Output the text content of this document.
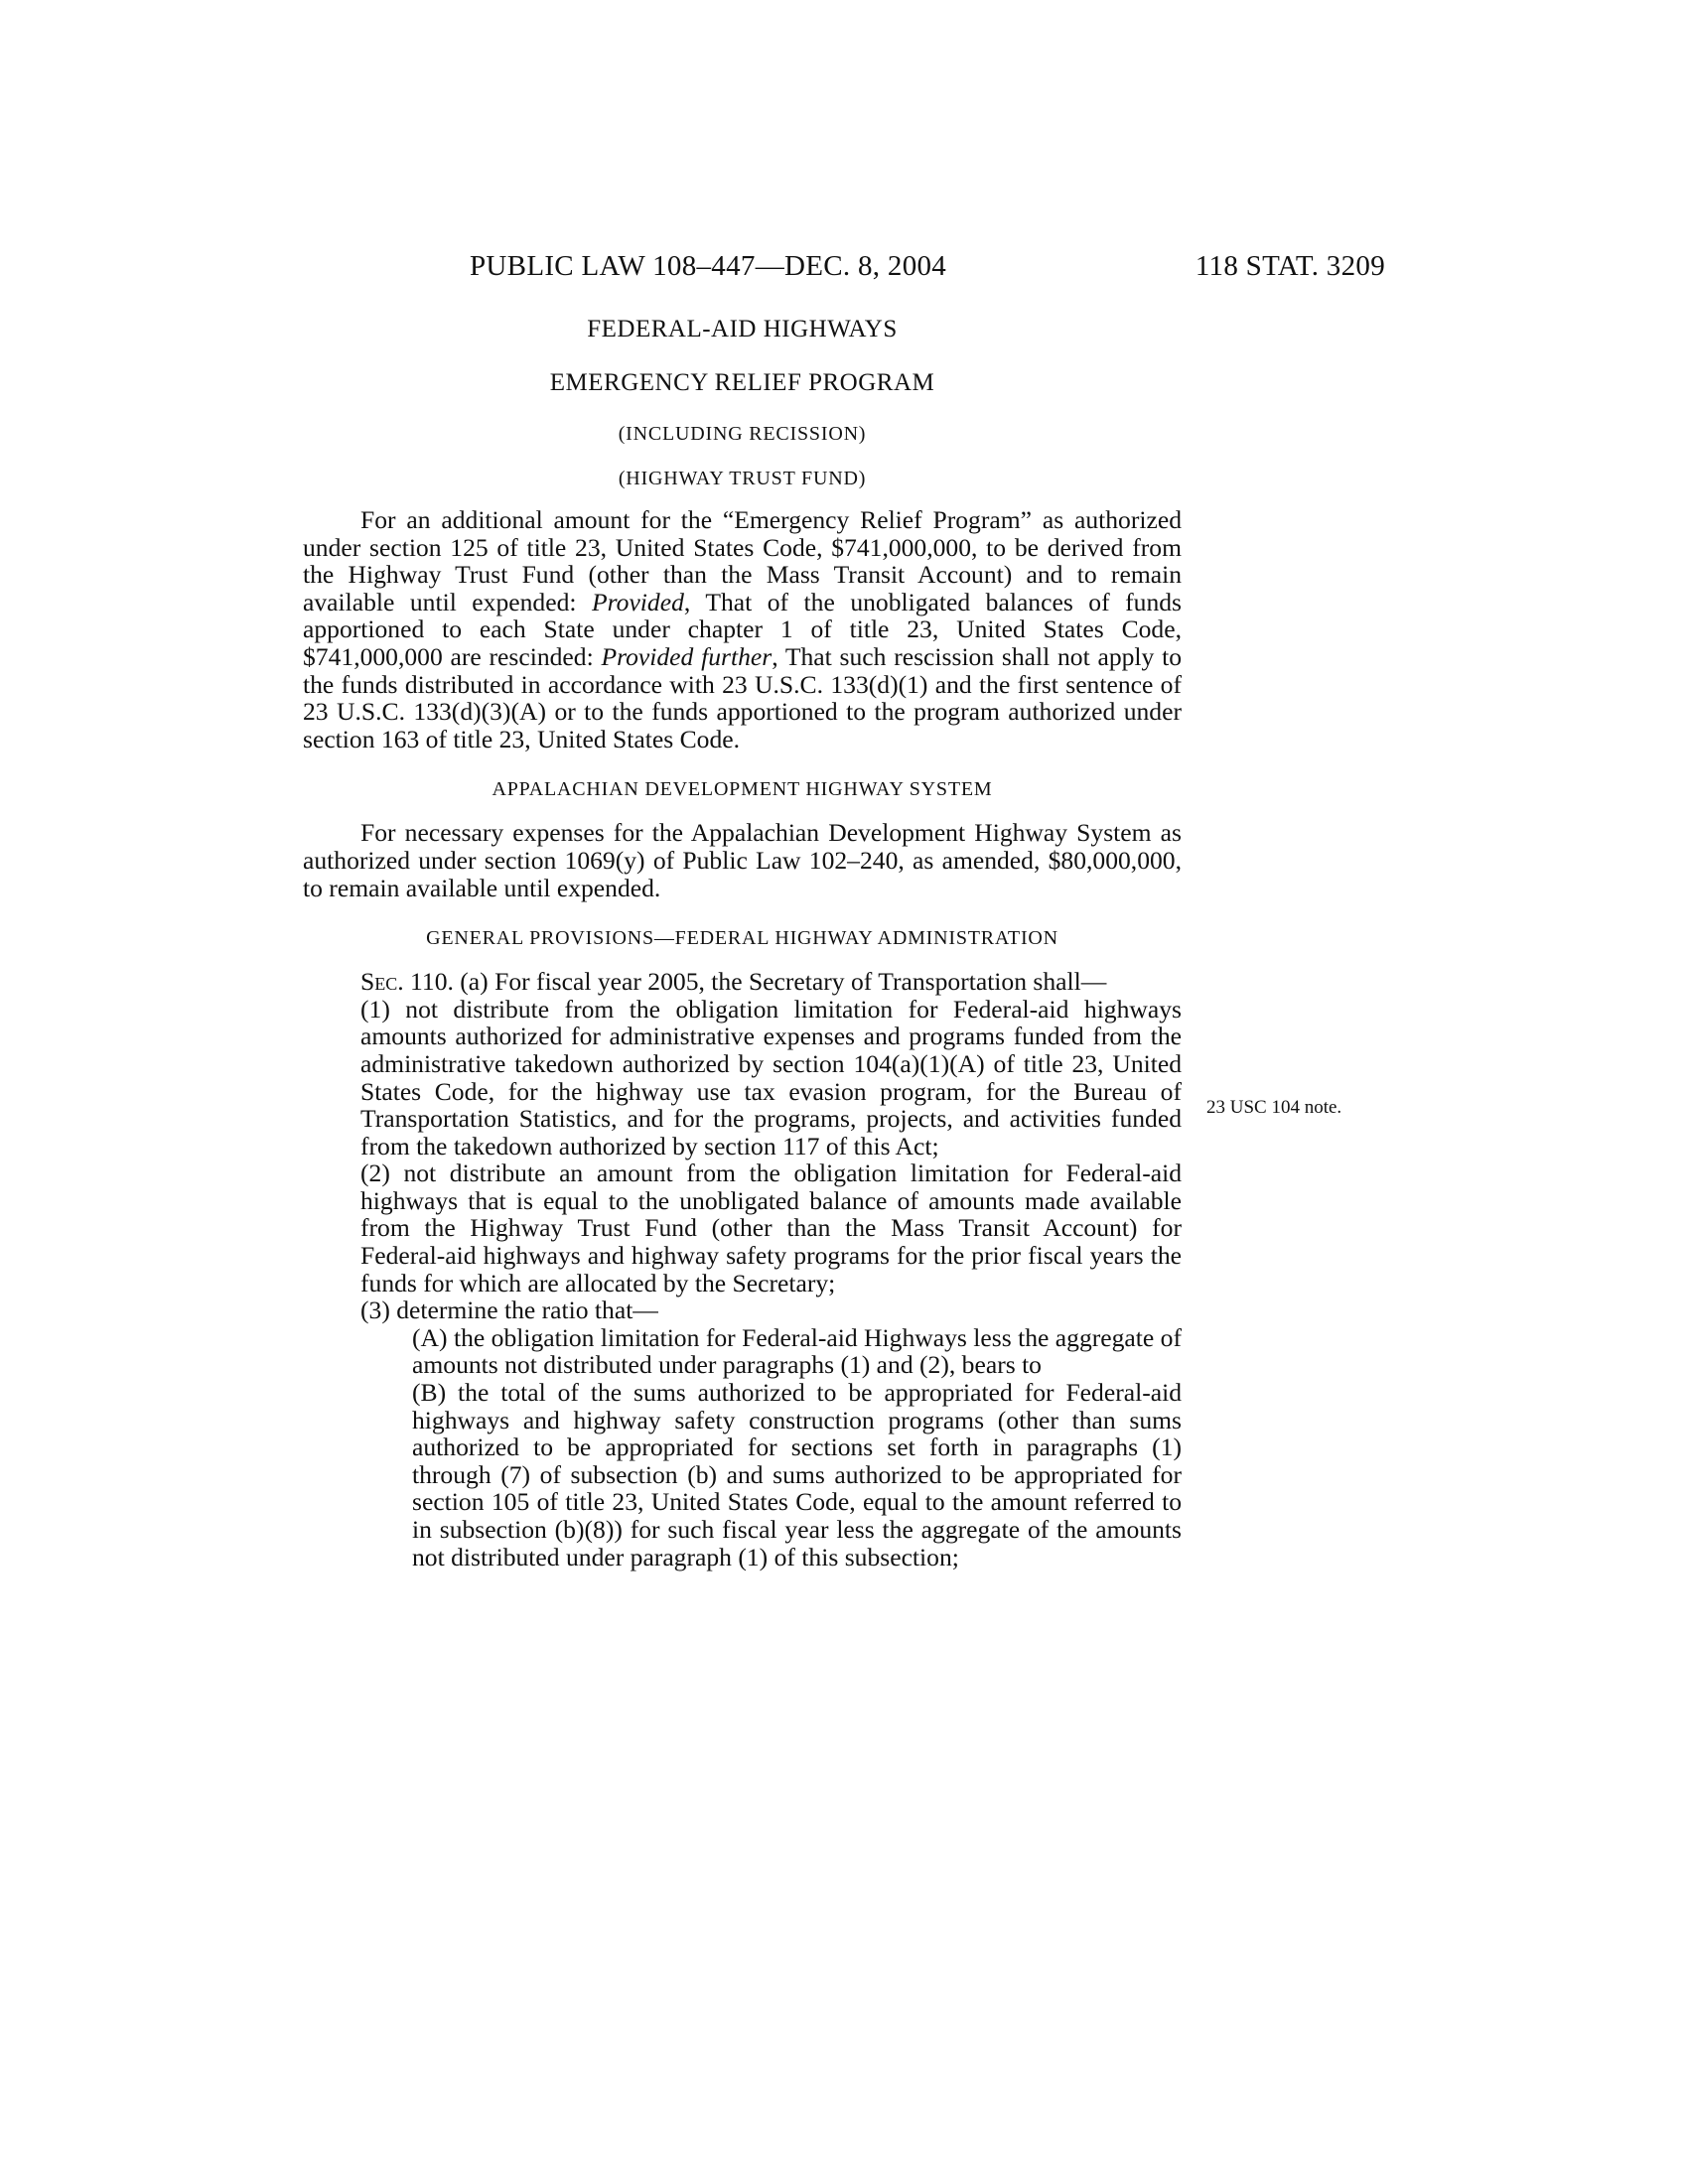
PUBLIC LAW 108–447—DEC. 8, 2004	118 STAT. 3209

FEDERAL-AID HIGHWAYS

EMERGENCY RELIEF PROGRAM

(INCLUDING RECISSION)

(HIGHWAY TRUST FUND)

For an additional amount for the “Emergency Relief Program” as authorized under section 125 of title 23, United States Code, $741,000,000, to be derived from the Highway Trust Fund (other than the Mass Transit Account) and to remain available until expended: Provided, That of the unobligated balances of funds apportioned to each State under chapter 1 of title 23, United States Code, $741,000,000 are rescinded: Provided further, That such rescission shall not apply to the funds distributed in accordance with 23 U.S.C. 133(d)(1) and the first sentence of 23 U.S.C. 133(d)(3)(A) or to the funds apportioned to the program authorized under section 163 of title 23, United States Code.

APPALACHIAN DEVELOPMENT HIGHWAY SYSTEM

For necessary expenses for the Appalachian Development Highway System as authorized under section 1069(y) of Public Law 102–240, as amended, $80,000,000, to remain available until expended.

GENERAL PROVISIONS—FEDERAL HIGHWAY ADMINISTRATION

Sec. 110. (a) For fiscal year 2005, the Secretary of Transportation shall—

(1) not distribute from the obligation limitation for Federal-aid highways amounts authorized for administrative expenses and programs funded from the administrative takedown authorized by section 104(a)(1)(A) of title 23, United States Code, for the highway use tax evasion program, for the Bureau of Transportation Statistics, and for the programs, projects, and activities funded from the takedown authorized by section 117 of this Act;

(2) not distribute an amount from the obligation limitation for Federal-aid highways that is equal to the unobligated balance of amounts made available from the Highway Trust Fund (other than the Mass Transit Account) for Federal-aid highways and highway safety programs for the prior fiscal years the funds for which are allocated by the Secretary;

(3) determine the ratio that—

(A) the obligation limitation for Federal-aid Highways less the aggregate of amounts not distributed under paragraphs (1) and (2), bears to

(B) the total of the sums authorized to be appropriated for Federal-aid highways and highway safety construction programs (other than sums authorized to be appropriated for sections set forth in paragraphs (1) through (7) of subsection (b) and sums authorized to be appropriated for section 105 of title 23, United States Code, equal to the amount referred to in subsection (b)(8)) for such fiscal year less the aggregate of the amounts not distributed under paragraph (1) of this subsection;

23 USC 104 note.
